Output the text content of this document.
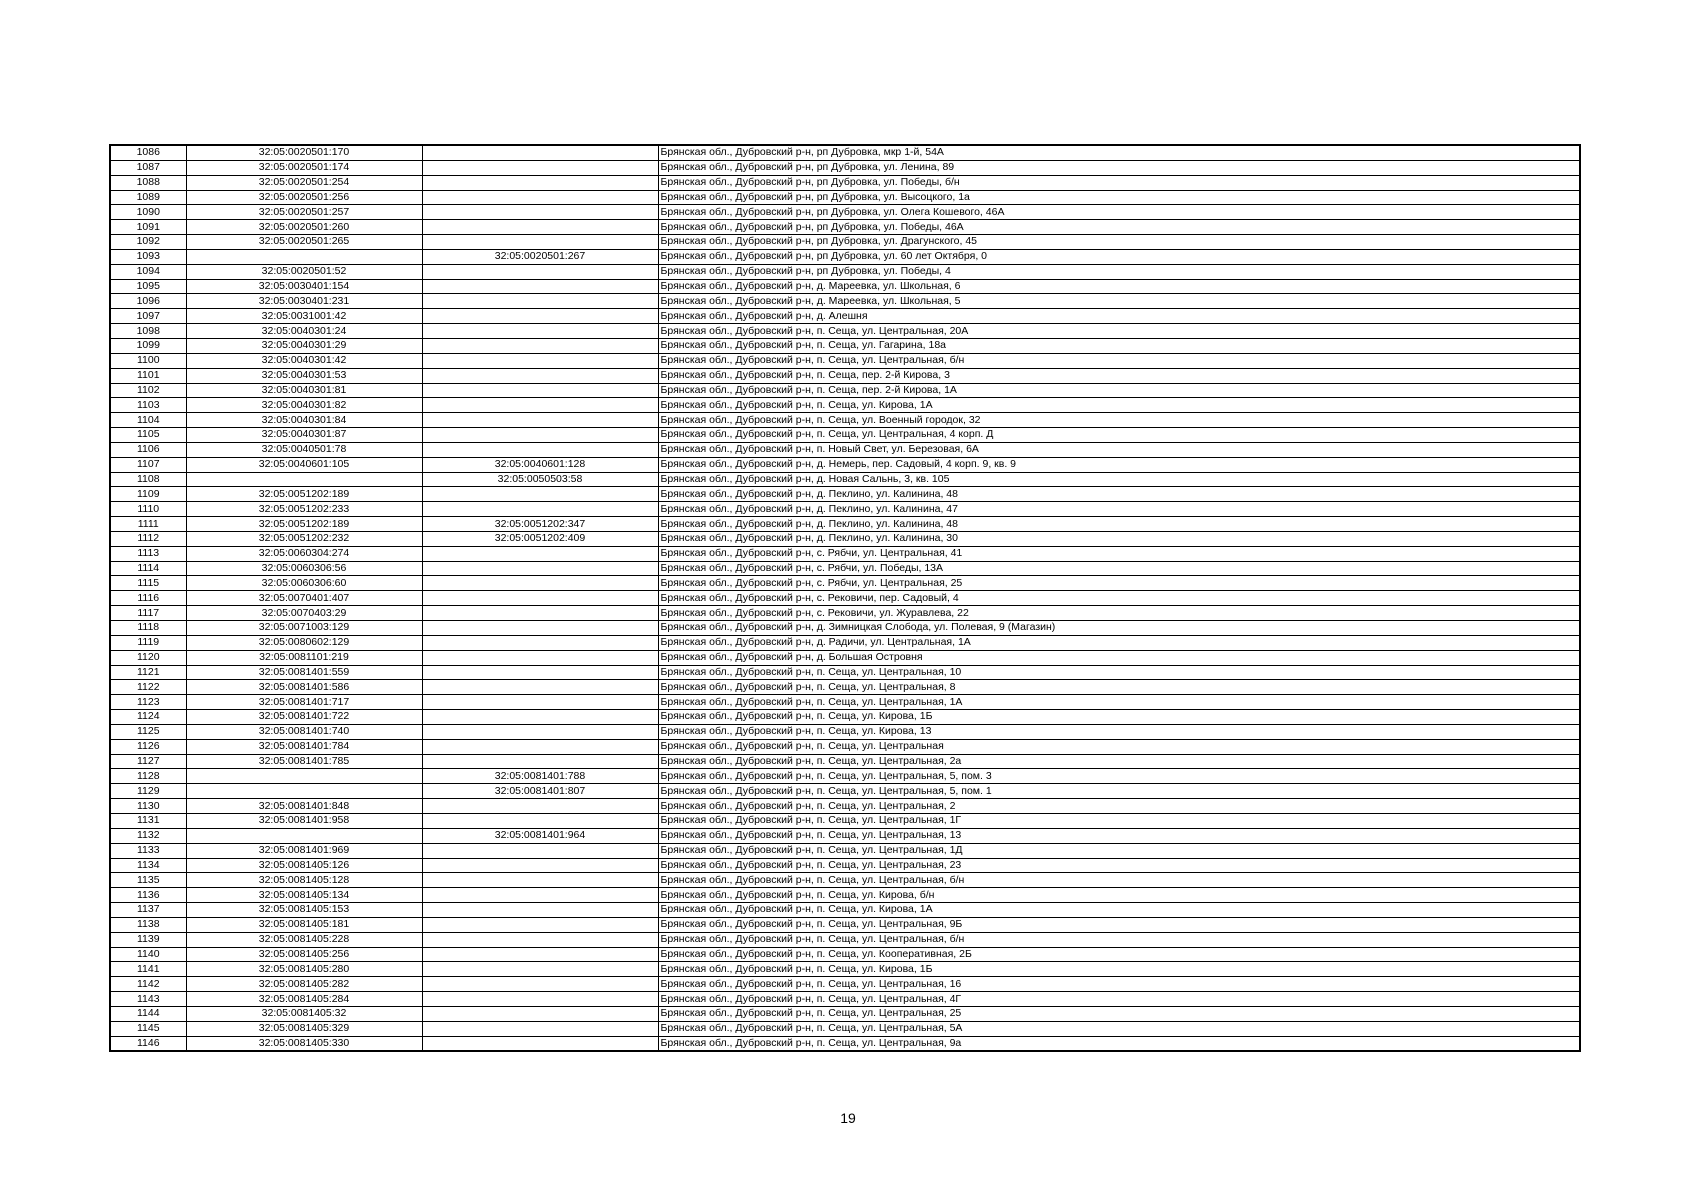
1086	32:05:0020501:170		Брянская обл., Дубровский р-н, рп Дубровка, мкр 1-й, 54А
1087	32:05:0020501:174		Брянская обл., Дубровский р-н, рп Дубровка, ул. Ленина, 89
1088	32:05:0020501:254		Брянская обл., Дубровский р-н, рп Дубровка, ул. Победы, б/н
1089	32:05:0020501:256		Брянская обл., Дубровский р-н, рп Дубровка, ул. Высоцкого, 1а
1090	32:05:0020501:257		Брянская обл., Дубровский р-н, рп Дубровка, ул. Олега Кошевого, 46А
1091	32:05:0020501:260		Брянская обл., Дубровский р-н, рп Дубровка, ул. Победы, 46А
1092	32:05:0020501:265		Брянская обл., Дубровский р-н, рп Дубровка, ул. Драгунского, 45
1093		32:05:0020501:267	Брянская обл., Дубровский р-н, рп Дубровка, ул. 60 лет Октября, 0
1094	32:05:0020501:52		Брянская обл., Дубровский р-н, рп Дубровка, ул. Победы, 4
1095	32:05:0030401:154		Брянская обл., Дубровский р-н, д. Мареевка, ул. Школьная, 6
1096	32:05:0030401:231		Брянская обл., Дубровский р-н, д. Мареевка, ул. Школьная, 5
1097	32:05:0031001:42		Брянская обл., Дубровский р-н, д. Алешня
1098	32:05:0040301:24		Брянская обл., Дубровский р-н, п. Сеща, ул. Центральная, 20А
1099	32:05:0040301:29		Брянская обл., Дубровский р-н, п. Сеща, ул. Гагарина, 18а
1100	32:05:0040301:42		Брянская обл., Дубровский р-н, п. Сеща, ул. Центральная, б/н
1101	32:05:0040301:53		Брянская обл., Дубровский р-н, п. Сеща, пер. 2-й Кирова, 3
1102	32:05:0040301:81		Брянская обл., Дубровский р-н, п. Сеща, пер. 2-й Кирова, 1А
1103	32:05:0040301:82		Брянская обл., Дубровский р-н, п. Сеща, ул. Кирова, 1А
1104	32:05:0040301:84		Брянская обл., Дубровский р-н, п. Сеща, ул. Военный городок, 32
1105	32:05:0040301:87		Брянская обл., Дубровский р-н, п. Сеща, ул. Центральная, 4 корп. Д
1106	32:05:0040501:78		Брянская обл., Дубровский р-н, п. Новый Свет, ул. Березовая, 6А
1107	32:05:0040601:105	32:05:0040601:128	Брянская обл., Дубровский р-н, д. Немерь, пер. Садовый, 4 корп. 9, кв. 9
1108		32:05:0050503:58	Брянская обл., Дубровский р-н, д. Новая Сальнь, 3, кв. 105
1109	32:05:0051202:189		Брянская обл., Дубровский р-н, д. Пеклино, ул. Калинина, 48
1110	32:05:0051202:233		Брянская обл., Дубровский р-н, д. Пеклино, ул. Калинина, 47
1111	32:05:0051202:189	32:05:0051202:347	Брянская обл., Дубровский р-н, д. Пеклино, ул. Калинина, 48
1112	32:05:0051202:232	32:05:0051202:409	Брянская обл., Дубровский р-н, д. Пеклино, ул. Калинина, 30
1113	32:05:0060304:274		Брянская обл., Дубровский р-н, с. Рябчи, ул. Центральная, 41
1114	32:05:0060306:56		Брянская обл., Дубровский р-н, с. Рябчи, ул. Победы, 13А
1115	32:05:0060306:60		Брянская обл., Дубровский р-н, с. Рябчи, ул. Центральная, 25
1116	32:05:0070401:407		Брянская обл., Дубровский р-н, с. Рековичи, пер. Садовый, 4
1117	32:05:0070403:29		Брянская обл., Дубровский р-н, с. Рековичи, ул. Журавлева, 22
1118	32:05:0071003:129		Брянская обл., Дубровский р-н, д. Зимницкая Слобода, ул. Полевая, 9 (Магазин)
1119	32:05:0080602:129		Брянская обл., Дубровский р-н, д. Радичи, ул. Центральная, 1А
1120	32:05:0081101:219		Брянская обл., Дубровский р-н, д. Большая Островня
1121	32:05:0081401:559		Брянская обл., Дубровский р-н, п. Сеща, ул. Центральная, 10
1122	32:05:0081401:586		Брянская обл., Дубровский р-н, п. Сеща, ул. Центральная, 8
1123	32:05:0081401:717		Брянская обл., Дубровский р-н, п. Сеща, ул. Центральная, 1А
1124	32:05:0081401:722		Брянская обл., Дубровский р-н, п. Сеща, ул. Кирова, 1Б
1125	32:05:0081401:740		Брянская обл., Дубровский р-н, п. Сеща, ул. Кирова, 13
1126	32:05:0081401:784		Брянская обл., Дубровский р-н, п. Сеща, ул. Центральная
1127	32:05:0081401:785		Брянская обл., Дубровский р-н, п. Сеща, ул. Центральная, 2а
1128		32:05:0081401:788	Брянская обл., Дубровский р-н, п. Сеща, ул. Центральная, 5, пом. 3
1129		32:05:0081401:807	Брянская обл., Дубровский р-н, п. Сеща, ул. Центральная, 5, пом. 1
1130	32:05:0081401:848		Брянская обл., Дубровский р-н, п. Сеща, ул. Центральная, 2
1131	32:05:0081401:958		Брянская обл., Дубровский р-н, п. Сеща, ул. Центральная, 1Г
1132		32:05:0081401:964	Брянская обл., Дубровский р-н, п. Сеща, ул. Центральная, 13
1133	32:05:0081401:969		Брянская обл., Дубровский р-н, п. Сеща, ул. Центральная, 1Д
1134	32:05:0081405:126		Брянская обл., Дубровский р-н, п. Сеща, ул. Центральная, 23
1135	32:05:0081405:128		Брянская обл., Дубровский р-н, п. Сеща, ул. Центральная, б/н
1136	32:05:0081405:134		Брянская обл., Дубровский р-н, п. Сеща, ул. Кирова, б/н
1137	32:05:0081405:153		Брянская обл., Дубровский р-н, п. Сеща, ул. Кирова, 1А
1138	32:05:0081405:181		Брянская обл., Дубровский р-н, п. Сеща, ул. Центральная, 9Б
1139	32:05:0081405:228		Брянская обл., Дубровский р-н, п. Сеща, ул. Центральная, б/н
1140	32:05:0081405:256		Брянская обл., Дубровский р-н, п. Сеща, ул. Кооперативная, 2Б
1141	32:05:0081405:280		Брянская обл., Дубровский р-н, п. Сеща, ул. Кирова, 1Б
1142	32:05:0081405:282		Брянская обл., Дубровский р-н, п. Сеща, ул. Центральная, 16
1143	32:05:0081405:284		Брянская обл., Дубровский р-н, п. Сеща, ул. Центральная, 4Г
1144	32:05:0081405:32		Брянская обл., Дубровский р-н, п. Сеща, ул. Центральная, 25
1145	32:05:0081405:329		Брянская обл., Дубровский р-н, п. Сеща, ул. Центральная, 5А
1146	32:05:0081405:330		Брянская обл., Дубровский р-н, п. Сеща, ул. Центральная, 9а
19
